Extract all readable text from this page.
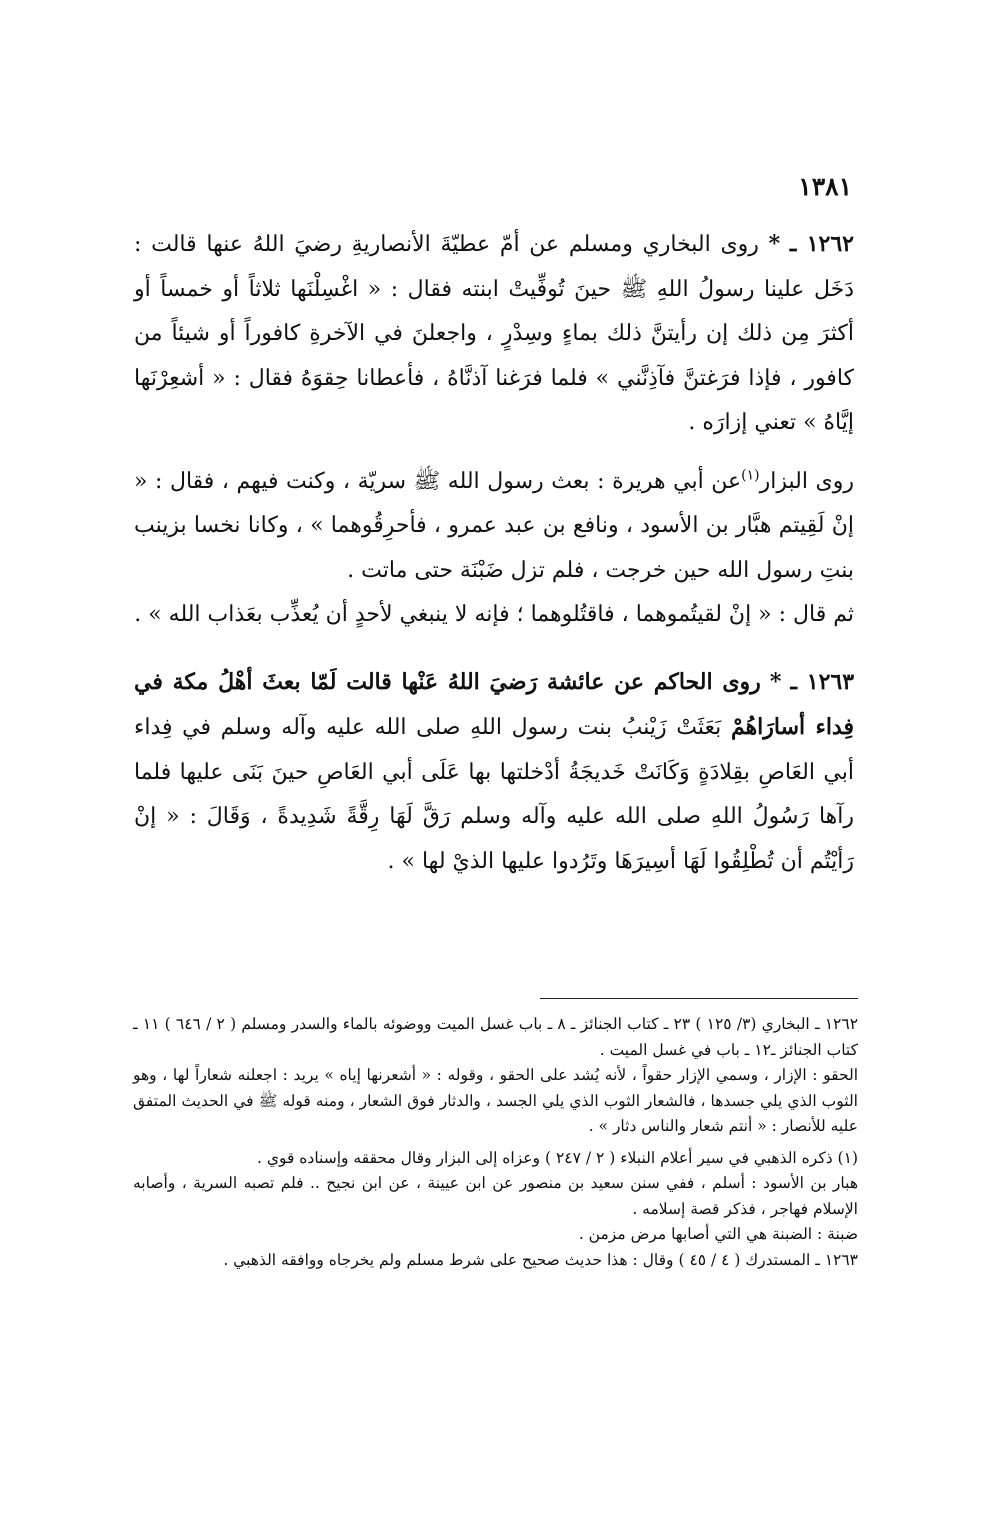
١٣٨١

١٢٦٢ ـ * روى البخاري ومسلم عن أمّ عطيّةَ الأنصاريةِ رضيَ اللهُ عنها قالت : دَخَل علينا رسولُ اللهِ ﷺ حينَ تُوفِّيتْ ابنته فقال : « اغْسِلْنَها ثلاثاً أو خمساً أو أكثرَ مِن ذلك إن رأيتنَّ ذلك بماءٍ وسِدْرٍ ، واجعلنَ في الآخرةِ كافوراً أو شيئاً من كافور ، فإذا فرَغتنَّ فآذِنَّني » فلما فرَغنا آذنَّاهُ ، فأعطانا حِقوَهُ فقال : « أشعِرْنَها إيَّاهُ » تعني إزارَه .

روى البزار$^{(١)}$عن أبي هريرة : بعث رسول الله ﷺ سريّة ، وكنت فيهم ، فقال : « إنْ لَقِيتم هبَّار بن الأسود ، ونافع بن عبد عمرو ، فأحرِقُوهما » ، وكانا نخسا بزينب بنتِ رسول الله حين خرجت ، فلم تزل ضَبْنَة حتى ماتت .

ثم قال : « إنْ لقيتُموهما ، فاقتُلوهما ؛ فإنه لا ينبغي لأحدٍ أن يُعذِّب بعَذاب الله » .

١٢٦٣ ـ * روى الحاكم عن عائشة رَضيَ اللهُ عَنْها قالت لَمّا بعثَ أهْلُ مكة في فِداء أسارَاهُمْ بَعَثَتْ زَيْنبُ بنت رسول اللهِ صلى الله عليه وآله وسلم في فِداء أبي العَاصِ بقِلادَةٍ وَكَانَتْ خَديجَةُ أدْخلتها بها عَلَى أبي العَاصِ حينَ بَنَى عليها فلما رآها رَسُولُ اللهِ صلى الله عليه وآله وسلم رَقَّ لَهَا رِقَّةً شَدِيدةً ، وَقَالَ : « إنْ رَأيْتُم أن تُطْلِقُوا لَهَا أسِيرَهَا وتَرُدوا عليها الذيْ لها » .

١٢٦٢ ـ البخاري (٣/ ١٢٥ ) ٢٣ ـ كتاب الجنائز ـ ٨ ـ باب غسل الميت ووضوئه بالماء والسدر ومسلم ( ٢ / ٦٤٦ ) ١١ ـ كتاب الجنائز ـ١٢ ـ باب في غسل الميت .

الحقو : الإزار ، وسمي الإزار حقواً ، لأنه يُشد على الحقو ، وقوله : « أشعرنها إياه » يريد : اجعلنه شعاراً لها ، وهو الثوب الذي يلي جسدها ، فالشعار الثوب الذي يلي الجسد ، والدثار فوق الشعار ، ومنه قوله ﷺ في الحديث المتفق عليه للأنصار : « أنتم شعار والناس دثار » .

(١) ذكره الذهبي في سير أعلام النبلاء ( ٢ / ٢٤٧ ) وعزاه إلى البزار وقال محققه وإسناده قوي .

هبار بن الأسود : أسلم ، ففي سنن سعيد بن منصور عن ابن عيينة ، عن ابن نجيح .. فلم تصبه السرية ، وأصابه الإسلام فهاجر ، فذكر قصة إسلامه .

ضبنة : الضبنة هي التي أصابها مرض مزمن .

١٢٦٣ ـ المستدرك ( ٤ / ٤٥ ) وقال : هذا حديث صحيح على شرط مسلم ولم يخرجاه ووافقه الذهبي .
